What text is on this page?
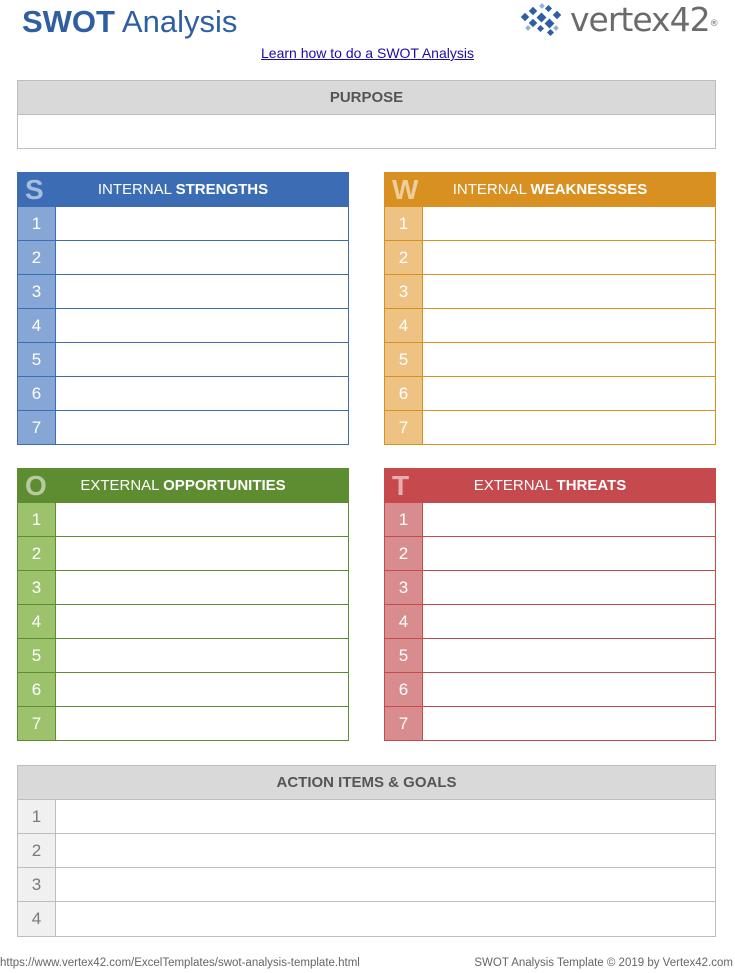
SWOT Analysis	vertex42®
Learn how to do a SWOT Analysis
PURPOSE
S	INTERNAL STRENGTHS
1
2
3
4
5
6
7
W INTERNAL WEAKNESSSES
1
2
3
4
5
6
7
O EXTERNAL OPPORTUNITIES
1
2
3
4
5
6
7
T	EXTERNAL THREATS
1
2
3
4
5
6
7
ACTION ITEMS & GOALS
1
2
3
4
https://www.vertex42.com/ExcelTemplates/swot-analysis-template.html	SWOT Analysis Template © 2019 by Vertex42.com
